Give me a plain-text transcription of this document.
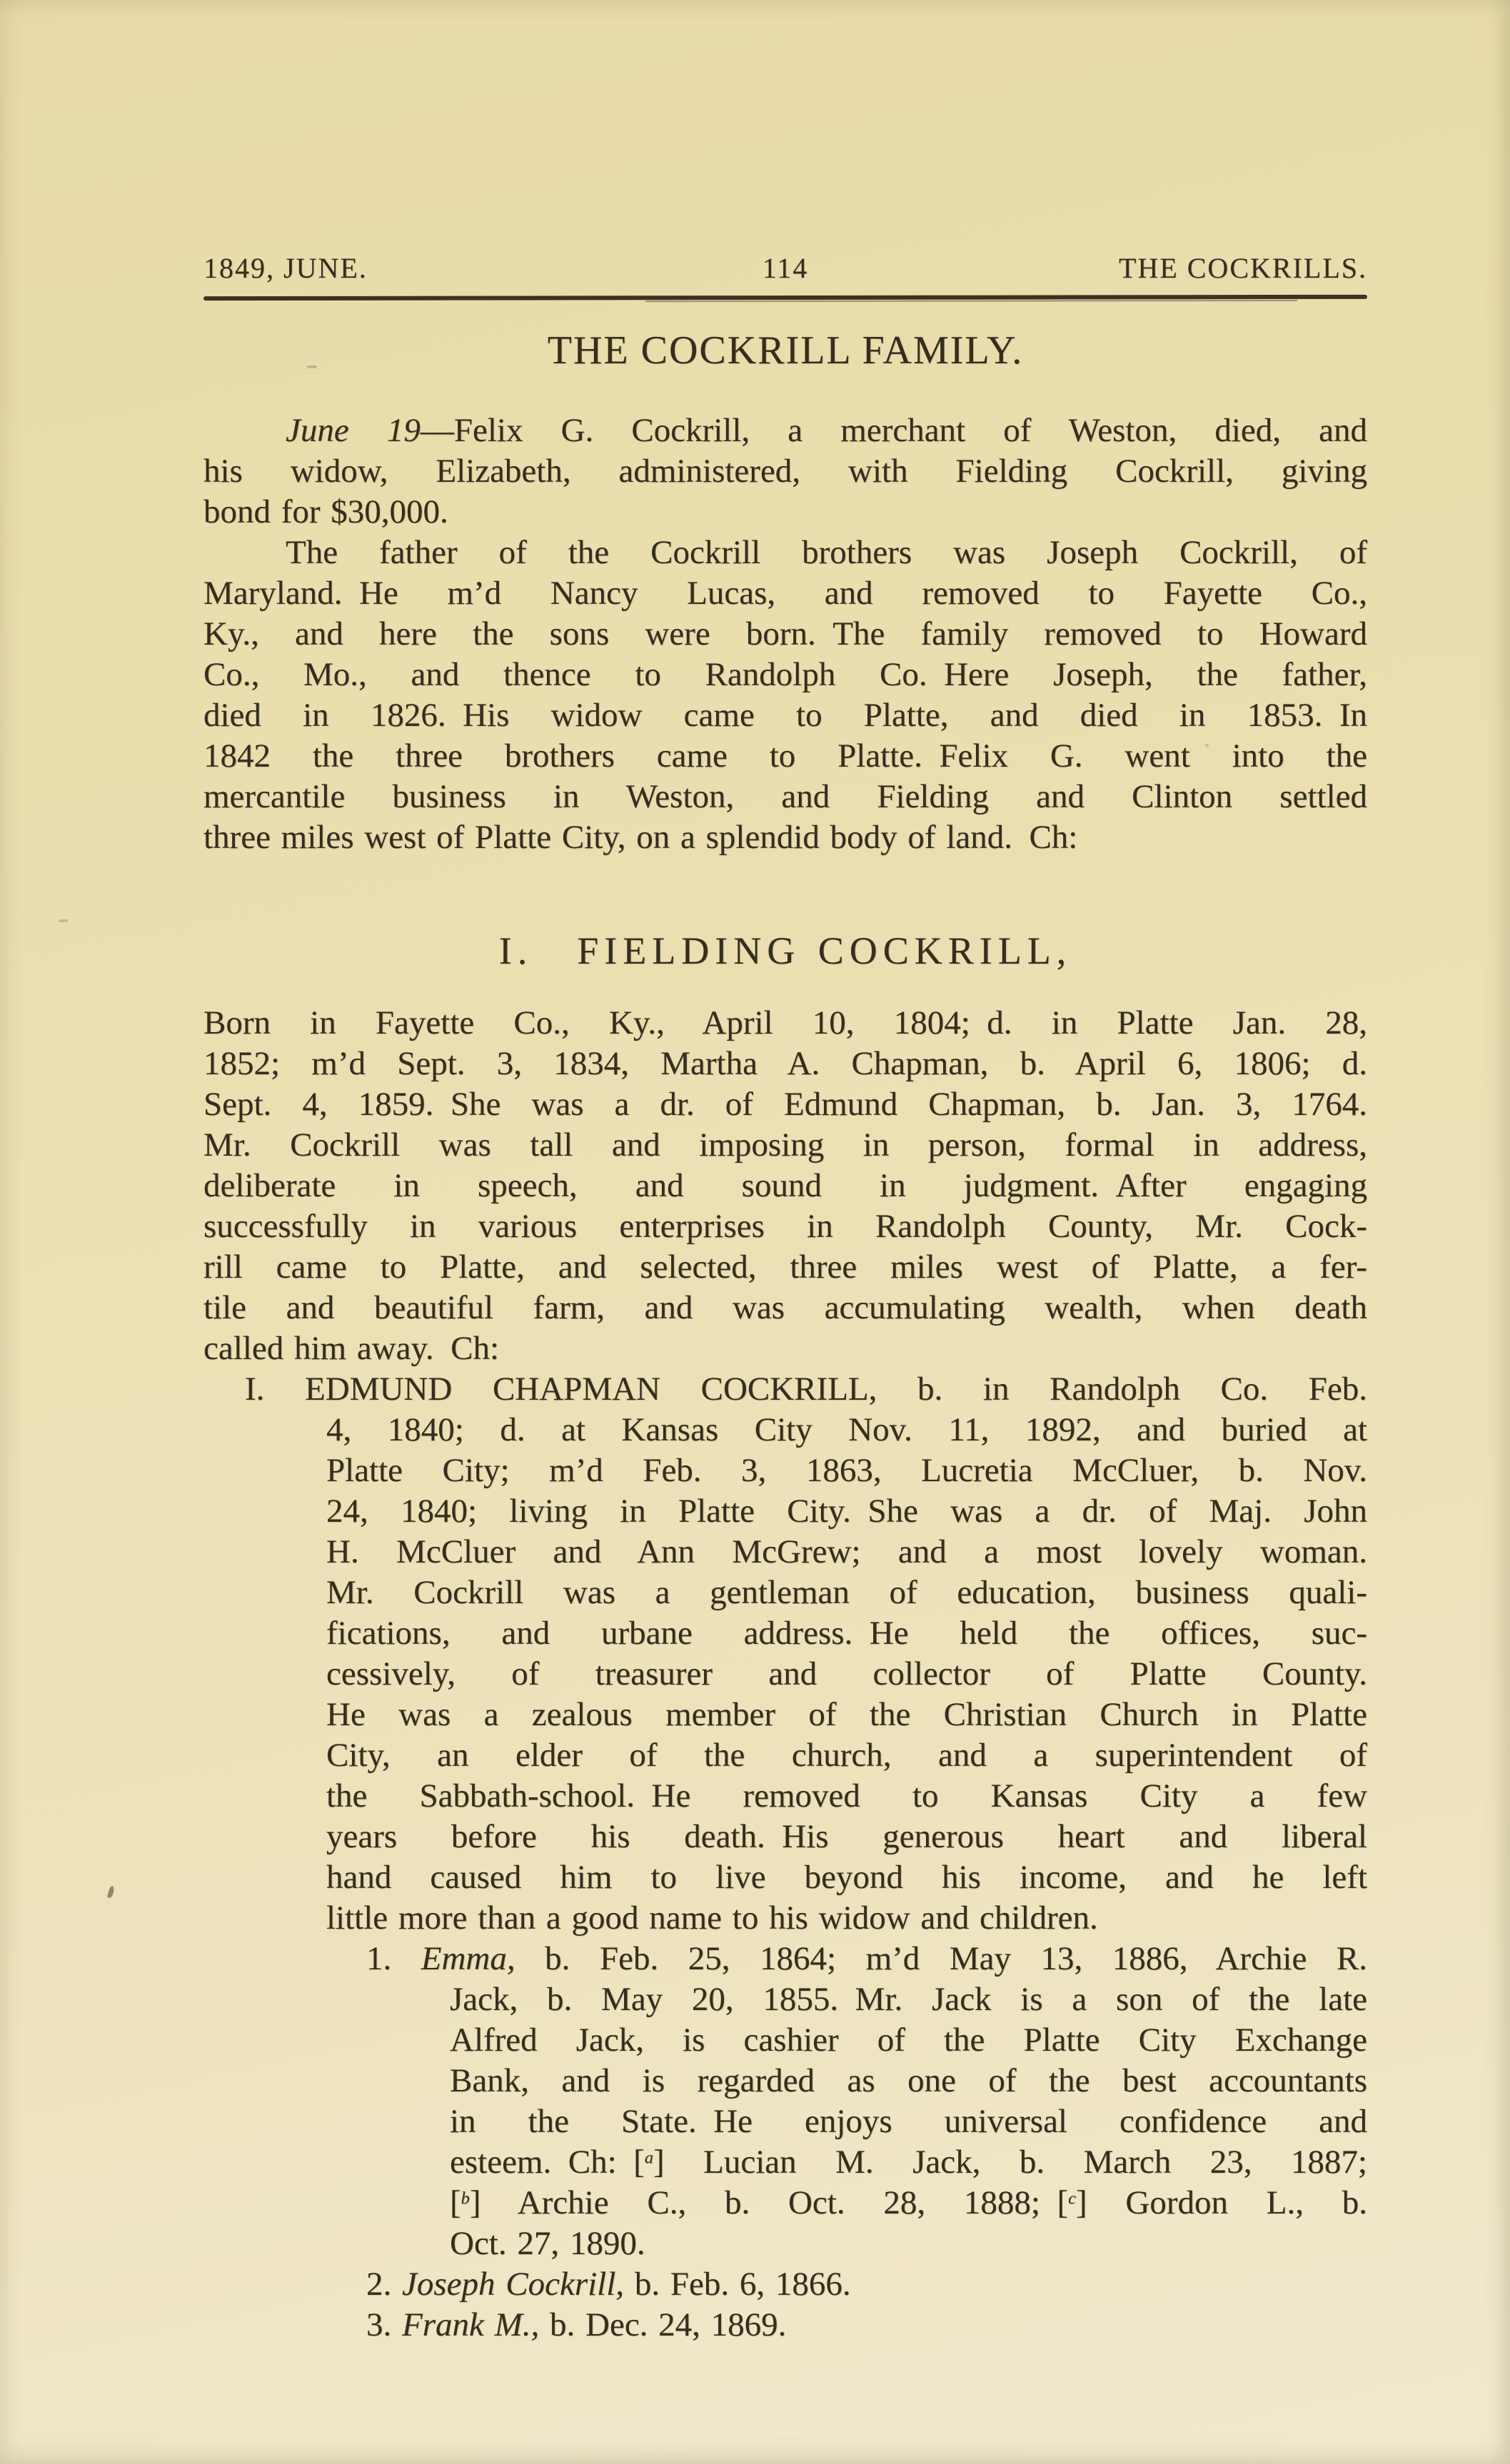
1849, JUNE.	114	THE COCKRILLS.
THE COCKRILL FAMILY.
June 19—Felix G. Cockrill, a merchant of Weston, died, and
his widow, Elizabeth, administered, with Fielding Cockrill, giving
bond for $30,000.
The father of the Cockrill brothers was Joseph Cockrill, of
Maryland. He m’d Nancy Lucas, and removed to Fayette Co.,
Ky., and here the sons were born. The family removed to Howard
Co., Mo., and thence to Randolph Co. Here Joseph, the father,
died in 1826. His widow came to Platte, and died in 1853. In
1842 the three brothers came to Platte. Felix G. went into the
mercantile business in Weston, and Fielding and Clinton settled
three miles west of Platte City, on a splendid body of land. Ch:
I. FIELDING COCKRILL,
Born in Fayette Co., Ky., April 10, 1804; d. in Platte Jan. 28,
1852; m’d Sept. 3, 1834, Martha A. Chapman, b. April 6, 1806; d.
Sept. 4, 1859. She was a dr. of Edmund Chapman, b. Jan. 3, 1764.
Mr. Cockrill was tall and imposing in person, formal in address,
deliberate in speech, and sound in judgment. After engaging
successfully in various enterprises in Randolph County, Mr. Cock-
rill came to Platte, and selected, three miles west of Platte, a fer-
tile and beautiful farm, and was accumulating wealth, when death
called him away. Ch:
I. EDMUND CHAPMAN COCKRILL, b. in Randolph Co. Feb.
4, 1840; d. at Kansas City Nov. 11, 1892, and buried at
Platte City; m’d Feb. 3, 1863, Lucretia McCluer, b. Nov.
24, 1840; living in Platte City. She was a dr. of Maj. John
H. McCluer and Ann McGrew; and a most lovely woman.
Mr. Cockrill was a gentleman of education, business quali-
fications, and urbane address. He held the offices, suc-
cessively, of treasurer and collector of Platte County.
He was a zealous member of the Christian Church in Platte
City, an elder of the church, and a superintendent of
the Sabbath-school. He removed to Kansas City a few
years before his death. His generous heart and liberal
hand caused him to live beyond his income, and he left
little more than a good name to his widow and children.
1. Emma, b. Feb. 25, 1864; m’d May 13, 1886, Archie R.
Jack, b. May 20, 1855. Mr. Jack is a son of the late
Alfred Jack, is cashier of the Platte City Exchange
Bank, and is regarded as one of the best accountants
in the State. He enjoys universal confidence and
esteem. Ch: [$^a$] Lucian M. Jack, b. March 23, 1887;
[$^b$] Archie C., b. Oct. 28, 1888; [$^c$] Gordon L., b.
Oct. 27, 1890.
2. Joseph Cockrill, b. Feb. 6, 1866.
3. Frank M., b. Dec. 24, 1869.
